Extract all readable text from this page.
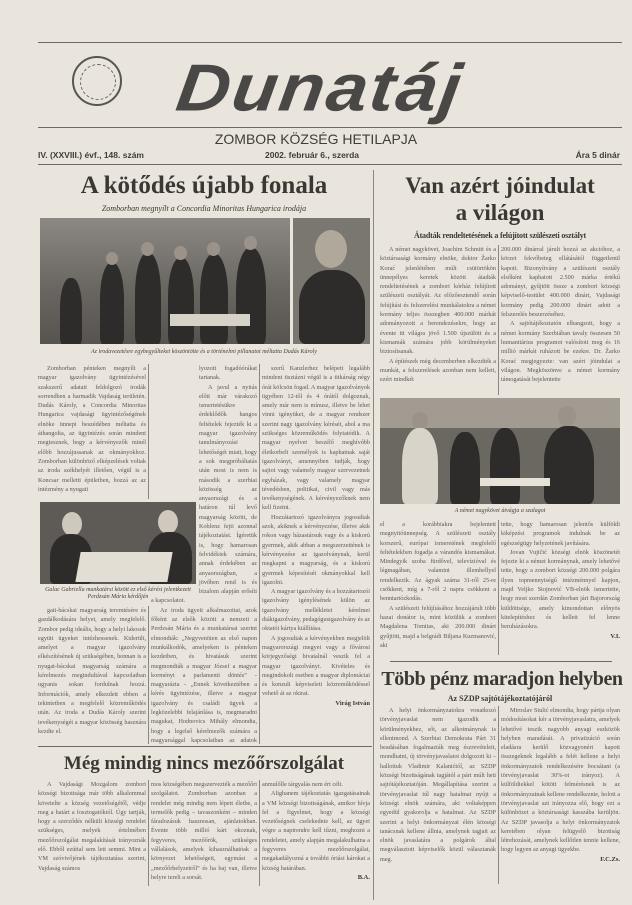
Dunatáj
ZOMBOR KÖZSÉG HETILAPJA
IV. (XXVIII.) évf., 148. szám	2002. február 6., szerda	Ára 5 dinár
A kötődés újabb fonala
Zomborban megnyílt a Concordia Minoritas Hungarica irodája
Az irodavezetésre egybegyűlteket köszöntötte és a történelmi pillanatot méltatta Dudás Károly

Zomborban pénteken megnyílt a magyar igazolvány ügyintézésével szakszerű adatait feldolgozó irodák sorrendben a harmadik Vajdaság területén. Dudás Károly, a Concordia Minoritas Hungarica vajdasági ügyintézőségének elnöke ünnepi beszédében méltatta és áthangolta, az ügyintézés során mindent megtesznek, hogy a kérvényezők minél előbb hozzájussanak az okmányokhoz. Zomborban különböző elképzelések voltak az iroda székhelyét illetően, végül is a Koncsar melletti épületben, hozzá az az intézmény a nyugati

Galac Gabriella munkatársi között ez első kérést jelentkezett Perdzsán Mária kérdőjén

gati-bácskai magyarság teremtésére és gazdálkodására helyet, amely megfelelő. Zombor pedig ideális, hogy a helyi lakosok együtt ügyeket intézhessenek. Kiderült, amelyet a magyar igazolvány elkészítésének új szükségében, honnan is a nyugat-bácskai magyarság számára a kérelmezés megindultával kapcsolatban ugyanis sokan fordulnak hozzá. Információk, amely elkezdett ebben a tekintetben a megfelelő közreműködés után. Az iroda a Dudás Károly szerint tevékenységét a magyar közösség hasznára kezdte el.

lyozott fogadóórákat tartanak.

A javul a nyitás előtt már várakozó ismertetésükre érdeklődők hangos feltételek fejezték ki a magyar igazolvány tanulmányozási lehetőségét miatt, hogy a sok megpróbáltatás után most is nem is második a szerbiai közösség az anyaországi és a határon túl levő magyarság között, de Koblenz fejti azonnal tájékoztatást. Ígéretük is, hogy hamarosan felvidékiek számára, annak érdekében az anyaországban, a jövőben rend is és bizalom alapján erősíti a kapcsolatot.

Az iroda ügyeit alkalmazottai, azok főként az elsők között a nemzeti a Perdzsán Mária és a munkatársai szerint elmondták: „Negyvenöten az első napon munkálkodók, amelyeken is pénteken kezdetben, és hivatásuk szerint megmondták a magyar József a magyar korményt a parlamenti döntés” - magyarázta - „Ennek következtében a kérés ügyintézése, illetve a magyar igazolvány és családi ügyek a legközelebbi felajánlása is, megmaradni magukat, Hodnovics Mihály elmondta, hogy a legelső kérelmezők számára a magyarsággal kapcsolatban az adatok

szerű Kanzlerhez belépett legalább mindent tisztázni végül is a titkárság négy órát kölcsön fogad. A magyar igazolványok ügyében 12-től és 4 órától dolgoznak, amely már nem is mínusz, illetve be lehet vinni igényüket, de a magyar rendszer szerint nagy igazolvány kérését, ahol a ma szükséges közreműködés folytatódik. A magyar nyelvet beszélő meghívóbb életkorbeli személyek is kaphatnak saját igazolványt, amennyiben tudják, hogy sajtot vagy valamely magyar szervezetnek egyházak, vagy valamely magyar tévedésben, politikai, civil vagy más tevékenységének. A kérvényezőknek nem kell fizetni.

Hozzátartozó igazolványra jogosultak azok, akiknek a kérvényezése, illetve akik rokon vagy házastársuk vagy és a kiskorú gyermek, akik abban a megszerzettének is kérvényezése az igazolványnak, kerül megkapni a magyarság, és a kiskorú gyermek képesítését okmányokkal kell igazolni.

A magyar igazolvány és a hozzátartozói igazolvány igénylésének külön az igazolvány mellékletei kérelmei diákigazolvány, pedagógusigazolvány és az oktatói kártya kiállítása.

A jogosultak a kérvényekben megjelölt magyarországi megyei vagy a fővárosi körjegyzőségi hivatalnál veszik fel a magyar igazolványt. Kivételes és megindokolt esetben a magyar diplomáciai és konzuli képviseleti közreműködéssel vehető át az okirat.

Virág István
Még mindig nincs mezőőrszolgálat

A Vajdasági Mozgalom zombori községi bizottsága már több alkalommal követelte a község vezetőségétől, védje meg a határt a fosztogatóktól. Úgy tartják, hogy a szerződés nélküli községi rendelet szükséges, melyek értelmében mezőőrszolgálat megalakítását irányoznák elő. Ebből ezúttal sem lett semmi. Mint a VM szóvivőjének tájékoztatása szerint, Vajdaság számos

mos községében megszervezték a mezőőri szolgálatot. Zomborban azonban a rendelet még mindig nem lépett életbe, a termelők pedig – tavaszonként – minden fáradozásuk hasznosan, ajánlatokban. Évente több millió kárt okoznak, fegyveres, mezőőrök, szükséges vállalások, amelyek kihasználhatóak a környezet lehetőségeit, egymást a „mezőőrhelyzetről” és ha baj van, illetve helyre tereli a sorsát.

anmulőlle tárgyalás nem ért célt.

Alighanem tájékoztatás igazgatásainak a VM községi bizottságának, amikor hívja fel a figyelmet, hogy a községi vezetőségnek cselekednie kell, az ügyet végre a napirendre kell tűzni, meghozni a rendeletet, amely alapján megalakulhatna a fegyveres mezőőrszolgálat, megakadályozná a további óriási károkat a község határában.

B.A.
Van azért jóindulat
a világon
Átadták rendeltetésének a felújított szülészeti osztályt

A német nagykövet, Joachim Schmitt és a köztársasági kormány elnöke, doktor Žarko Korać jelenlétében múlt csütörtökön ünnepélyes keretek között átadták rendeltetésének a zombori kórház felújított szülészeti osztályát. Az előzőesztendő során felújítási és felszerelési munkálatokra a német kormány teljes összegben 400.000 márkát adományozott a berendezésekre, hogy az évente itt világra jövő 1.500 újszülött és a kismamák számára jobb körülményeket biztosítsanak.

A építészek még decemberben elkezdték a munkát, a felszerelések azonban nem kellett, ezért mindkét

200.000 dinárral járult hozzá az akcióhoz, a körzet fekvőbeteg ellátásától függetlenül kapott. Bizonyítvány a szülészeti osztály elsőként kaphatott 2.500 márka értékű adományt, gyűjtött össze a zombori községi képviselő-testület 400.000 dinárt, Vajdasági kormány pedig 200.000 dinárt adott a felszerelés beszerzéséhez.

A sajtótájékoztatón elhangzott, hogy a német kormány Szerbiában tavaly összesen 50 humanitárius programot valósított meg és 16 millió márkát ruházott be ezekre. Dr. Žarko Korać megjegyezte: van azért jóindulat a világon. Megköszönve a német kormány támogatását bejelentette

A német nagykövet átvágja a szalagot

el a korábbiakra bejelentett megnyitóünnepség. A szülészeti osztály korszerű, európai ismeretének megfelelő feltételekben fogadja a várandós kismamákat. Mindegyik szoba fürdővel, televízióval és légmagában, valamint illemhellyel rendelkezik. Az ágyak száma 31-ről 25-re csökkent, míg a 7-ről 2 napra csökkent a benntartózkodás.

A szülészeti felújításához hozzájárult több hazai donátor is, mint közülük a zombori Magdalena Tomitas, aki 200.000 dinárt gyűjtött, majd a belgrádi Biljana Kuzmanović, aki

tette, hogy hamarosan jelentős külföldi kiképzési programok indulnak be az egészségügy helyzetének javítására.

Jovan Vujičić községi elnök köszönetét fejezte ki a német kormánynak, amely lehetővé tette, hogy a zombori községi 200.000 polgára ilyen topmennyiségű intézménnyel kapjon, majd Veljko Stojnović VB-elnök ismertette, hogy most szerdán Zomborban járt Bajorország küldöttsége, amely kimondottan előnyös kitelepítéshez és kellett fel lenne beruházásokra.

V.I.
Több pénz maradjon helyben
Az SZDP sajtótájékoztatójáról

A helyi önkormányzatokra vonatkozó törvényjavaslat nem igazodik a körülményekhez, sőt, az alkotmánynak is ellentmond. A Szerbiai Demokrata Párt 31 beadásában fogalmazták meg észrevételeit, mondhatni, új törvényjavaslatot dolgozott ki – hallottuk Vladimir Kalanićtól, az SZDP községi bizottságának tagjától a párt múlt heti sajtótájékoztatóján. Megállapítása szerint a törvényjavaslat túl nagy hatalmat nyújt a községi elnök számára, aki voltaképpen egyedül gyakorolja a hatalmat. Az SZDP szerint a helyi önkormányzat élén községi tanácsnak kellene állnia, amelynek tagjait az elnök javaslatára a polgárok által megválasztott képviselők közül választanák meg.

Miroslav Stulić elmondta, hogy pártja olyan módosításokat kér a törvényjavaslatra, amelyek lehetővé teszik nagyobb anyagi eszközök helyben maradását. A privatizáció során eladásra kerülő közvagyonért kapott összegeknek legalább a felét kellene a helyi önkormányzatok rendelkezésére bocsátani (a törvényjavaslat 30%-ot irányoz). A külföldiekkel kötött felmérésnek is az önkormányzatnak kellene rendelkeznie, holott a törvényjavaslat azt irányozza elő, hogy ezt a különbözet a köztársasági kasszába kerüljön. Az SZDP javasolja a helyi önkormányzatok keretében olyan felügyelő bizottság létrehozását, amelynek kellőtlen tennie kellene, hogy legyen az anyagi ügyekbe.

F.C.Zs.
